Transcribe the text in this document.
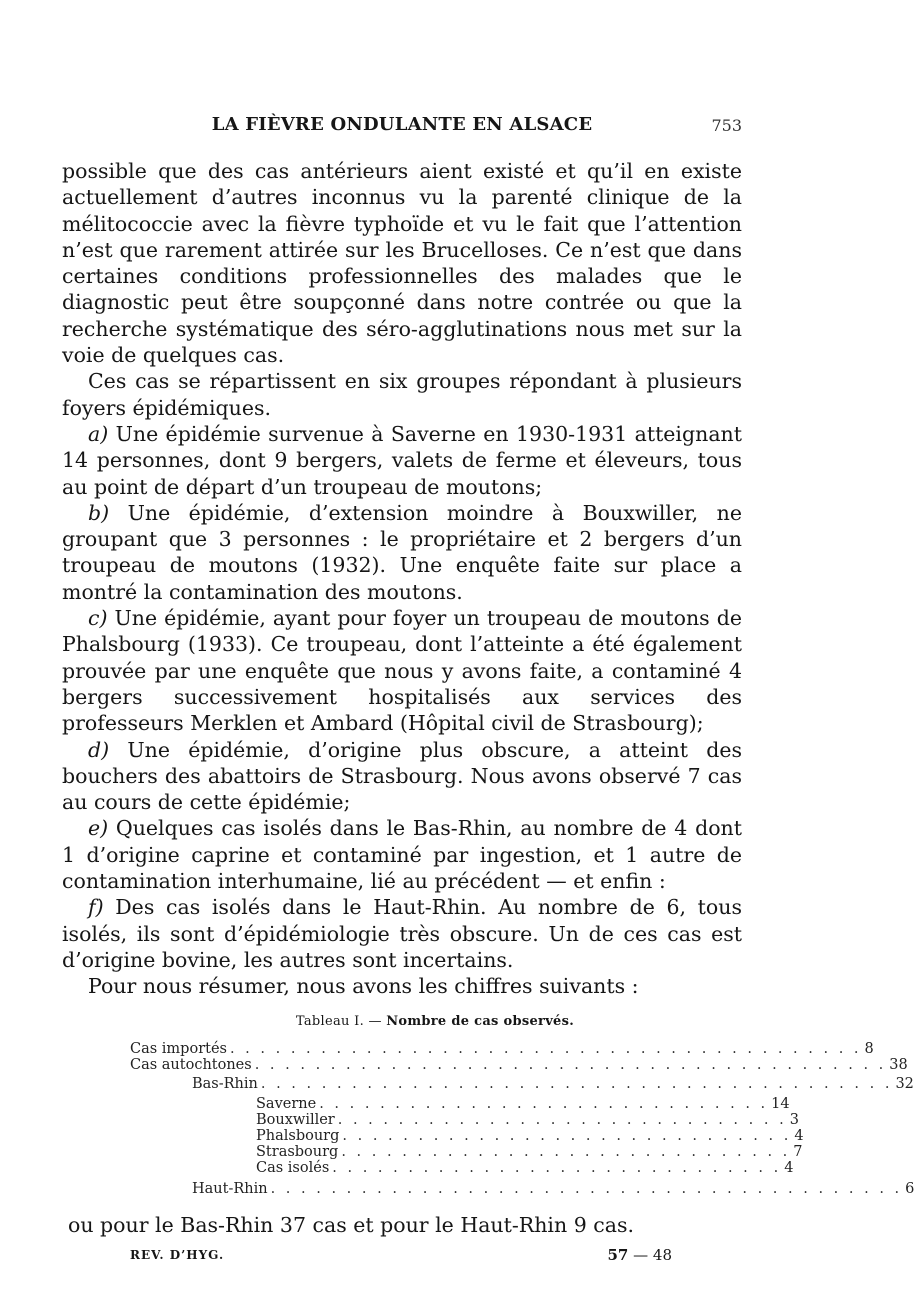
LA FIÈVRE ONDULANTE EN ALSACE	753

possible que des cas antérieurs aient existé et qu’il en existe actuellement d’autres inconnus vu la parenté clinique de la mélitococcie avec la fièvre typhoïde et vu le fait que l’attention n’est que rarement attirée sur les Brucelloses. Ce n’est que dans certaines conditions professionnelles des malades que le diagnostic peut être soupçonné dans notre contrée ou que la recherche systématique des séro-agglutinations nous met sur la voie de quelques cas.

Ces cas se répartissent en six groupes répondant à plusieurs foyers épidémiques.

a) Une épidémie survenue à Saverne en 1930-1931 atteignant 14 personnes, dont 9 bergers, valets de ferme et éleveurs, tous au point de départ d’un troupeau de moutons;

b) Une épidémie, d’extension moindre à Bouxwiller, ne groupant que 3 personnes : le propriétaire et 2 bergers d’un troupeau de moutons (1932). Une enquête faite sur place a montré la contamination des moutons.

c) Une épidémie, ayant pour foyer un troupeau de moutons de Phalsbourg (1933). Ce troupeau, dont l’atteinte a été également prouvée par une enquête que nous y avons faite, a contaminé 4 bergers successivement hospitalisés aux services des professeurs Merklen et Ambard (Hôpital civil de Strasbourg);

d) Une épidémie, d’origine plus obscure, a atteint des bouchers des abattoirs de Strasbourg. Nous avons observé 7 cas au cours de cette épidémie;

e) Quelques cas isolés dans le Bas-Rhin, au nombre de 4 dont 1 d’origine caprine et contaminé par ingestion, et 1 autre de contamination interhumaine, lié au précédent — et enfin :

f) Des cas isolés dans le Haut-Rhin. Au nombre de 6, tous isolés, ils sont d’épidémiologie très obscure. Un de ces cas est d’origine bovine, les autres sont incertains.

Pour nous résumer, nous avons les chiffres suivants :

Tableau I. — Nombre de cas observés.
Cas importés . . . . . . . . . . . . . . . . . . . . . . . . . . . . . . . . . . . . . . . . . . 8
Cas autochtones . . . . . . . . . . . . . . . . . . . . . . . . . . . . . . . . . . . . . . . . . . 38
Bas-Rhin . . . . . . . . . . . . . . . . . . . . . . . . . . . . . . . . . . . . . . . . . . 32
Saverne . . . . . . . . . . . . . . . . . . . . . . . . . . . . . . 14
Bouxwiller . . . . . . . . . . . . . . . . . . . . . . . . . . . . . . 3
Phalsbourg . . . . . . . . . . . . . . . . . . . . . . . . . . . . . . 4
Strasbourg . . . . . . . . . . . . . . . . . . . . . . . . . . . . . . 7
Cas isolés . . . . . . . . . . . . . . . . . . . . . . . . . . . . . . 4
Haut-Rhin . . . . . . . . . . . . . . . . . . . . . . . . . . . . . . . . . . . . . . . . . . 6
ou pour le Bas-Rhin 37 cas et pour le Haut-Rhin 9 cas.
REV. D’HYG.	57 — 48
